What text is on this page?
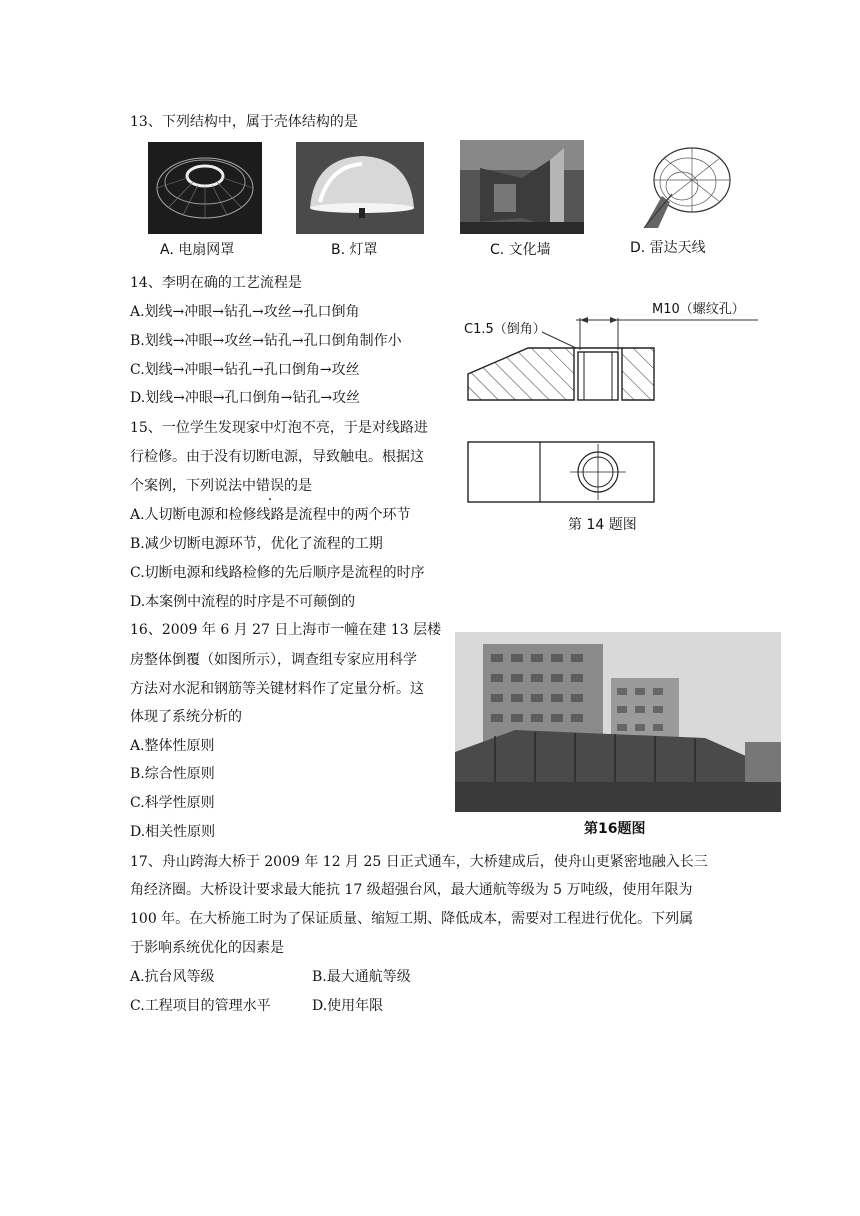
13、下列结构中，属于壳体结构的是
A. 电扇网罩	B. 灯罩	C. 文化墙	D. 雷达天线
14、李明在确的工艺流程是
A.划线→冲眼→钻孔→攻丝→孔口倒角
B.划线→冲眼→攻丝→钻孔→孔口倒角制作小
C.划线→冲眼→钻孔→孔口倒角→攻丝
D.划线→冲眼→孔口倒角→钻孔→攻丝
M10（螺纹孔）
C1.5（倒角）
第 14 题图
15、一位学生发现家中灯泡不亮，于是对线路进
行检修。由于没有切断电源，导致触电。根据这
个案例，下列说法中错误的是
A.人切断电源和检修线路是流程中的两个环节
B.减少切断电源环节，优化了流程的工期
C.切断电源和线路检修的先后顺序是流程的时序
D.本案例中流程的时序是不可颠倒的
16、2009 年 6 月 27 日上海市一幢在建 13 层楼
房整体倒覆（如图所示），调查组专家应用科学
方法对水泥和钢筋等关键材料作了定量分析。这
体现了系统分析的
A.整体性原则
B.综合性原则
C.科学性原则
D.相关性原则	第16题图
17、舟山跨海大桥于 2009 年 12 月 25 日正式通车，大桥建成后，使舟山更紧密地融入长三
角经济圈。大桥设计要求最大能抗 17 级超强台风，最大通航等级为 5 万吨级，使用年限为
100 年。在大桥施工时为了保证质量、缩短工期、降低成本，需要对工程进行优化。下列属
于影响系统优化的因素是
A.抗台风等级	B.最大通航等级
C.工程项目的管理水平	D.使用年限
